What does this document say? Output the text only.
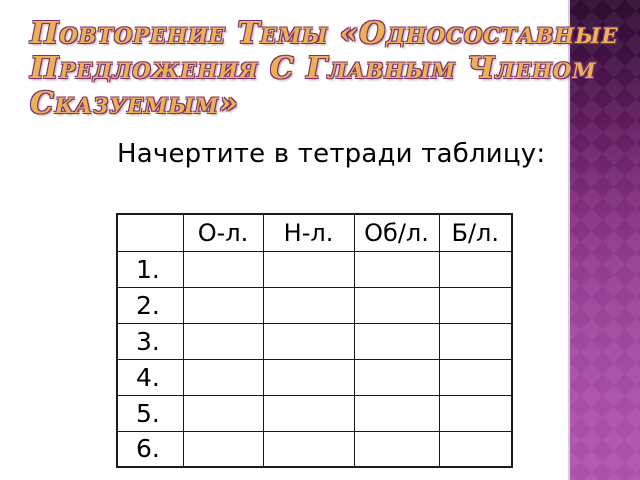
Повторение Темы «Односоставные
Предложения С Главным Членом
Сказуемым»
Начертите в тетради таблицу:
	О-л.	Н-л.	Об/л.	Б/л.
1.				
2.				
3.				
4.				
5.				
6.				
